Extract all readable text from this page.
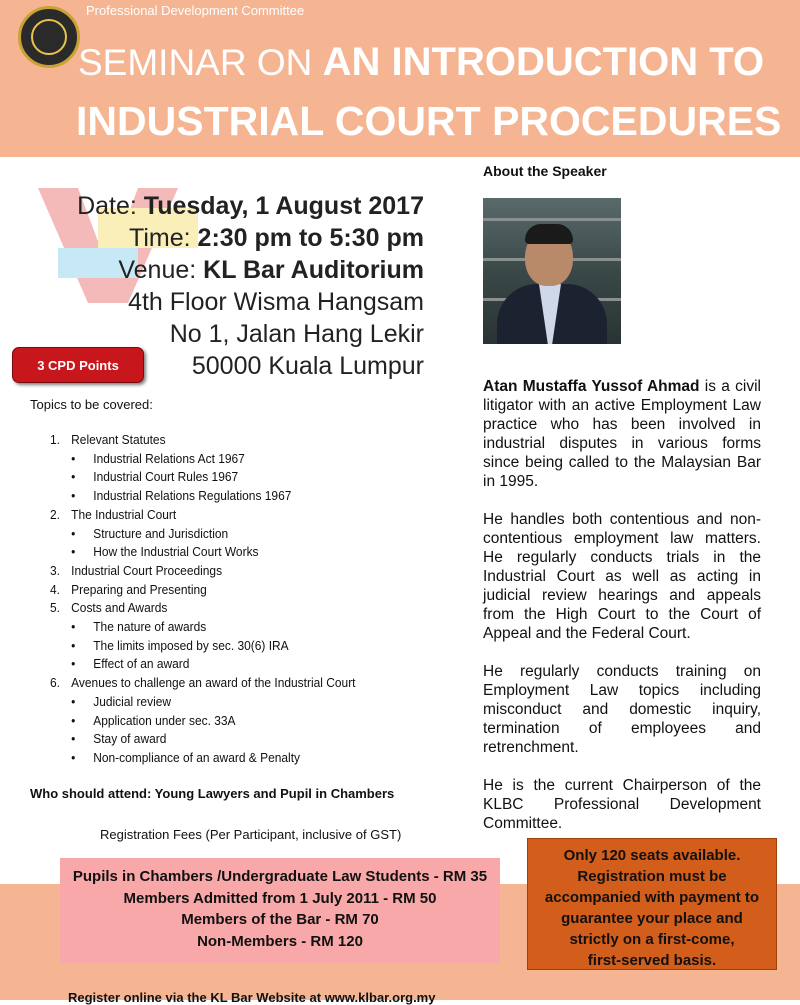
Professional Development Committee
SEMINAR ON AN INTRODUCTION TO
INDUSTRIAL COURT PROCEDURES
Date: Tuesday, 1 August 2017
Time: 2:30 pm to 5:30 pm
Venue: KL Bar Auditorium
4th Floor Wisma Hangsam
No 1, Jalan Hang Lekir
50000 Kuala Lumpur
3 CPD Points
Topics to be covered:
1. Relevant Statutes
•	Industrial Relations Act 1967
•	Industrial Court Rules 1967
•	Industrial Relations Regulations 1967
2. The Industrial Court
•	Structure and Jurisdiction
•	How the Industrial Court Works
3. Industrial Court Proceedings
4. Preparing and Presenting
5. Costs and Awards
•	The nature of awards
•	The limits imposed by sec. 30(6) IRA
•	Effect of an award
6. Avenues to challenge an award of the Industrial Court
•	Judicial review
•	Application under sec. 33A
•	Stay of award
•	Non-compliance of an award & Penalty
Who should attend: Young Lawyers and Pupil in Chambers
Registration Fees (Per Participant, inclusive of GST)
Pupils in Chambers /Undergraduate Law Students - RM 35
Members Admitted from 1 July 2011 - RM 50
Members of the Bar - RM 70
Non-Members - RM 120
Only 120 seats available.
Registration must be
accompanied with payment to
guarantee your place and
strictly on a first-come,
first-served basis.
Register online via the KL Bar Website at www.klbar.org.my
About the Speaker

Atan Mustaffa Yussof Ahmad is a civil litigator with an active Employment Law practice who has been involved in industrial disputes in various forms since being called to the Malaysian Bar in 1995.

He handles both contentious and non-contentious employment law matters. He regularly conducts trials in the Industrial Court as well as acting in judicial review hearings and appeals from the High Court to the Court of Appeal and the Federal Court.

He regularly conducts training on Employment Law topics including misconduct and domestic inquiry, termination of employees and retrenchment.

He is the current Chairperson of the KLBC Professional Development Committee.
